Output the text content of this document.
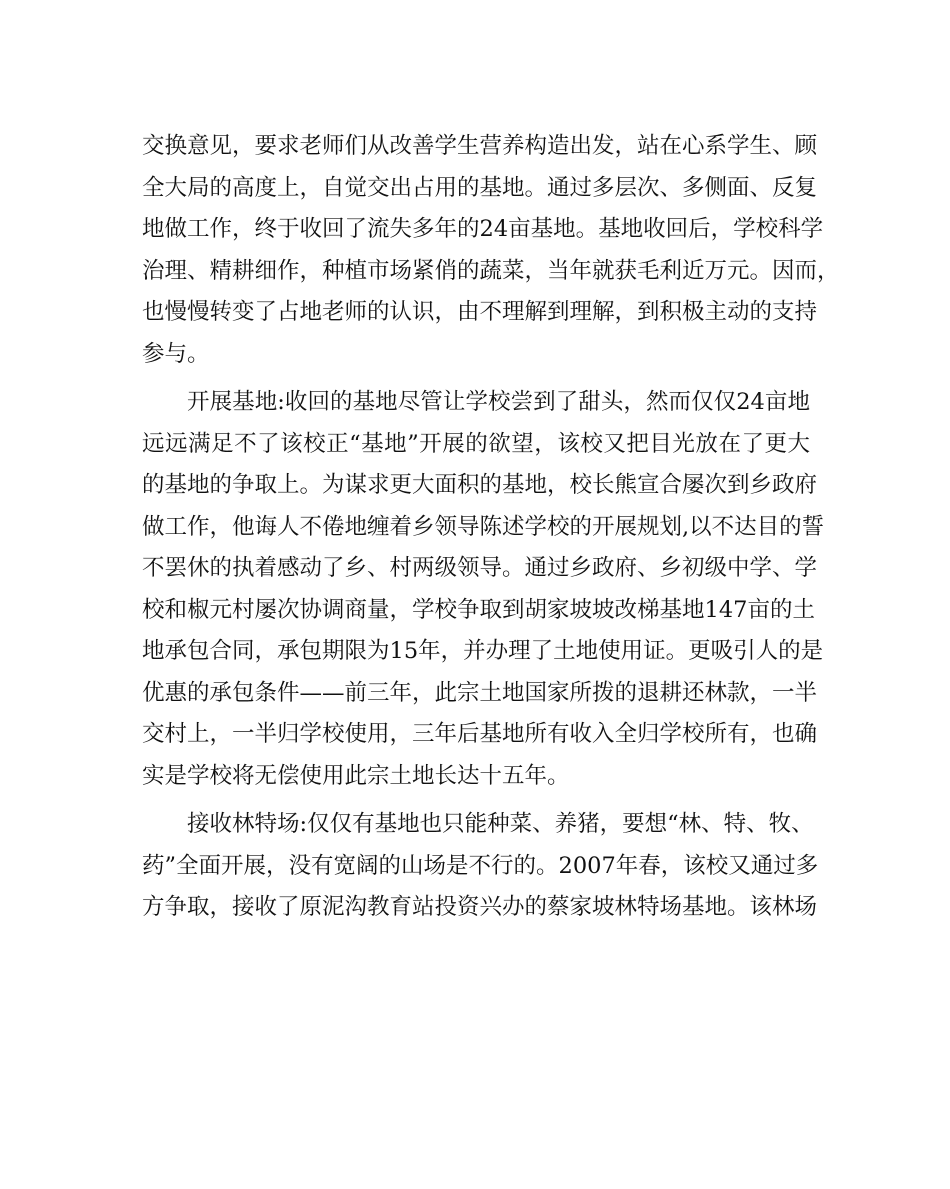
交换意见，要求老师们从改善学生营养构造出发，站在心系学生、顾
全大局的高度上，自觉交出占用的基地。通过多层次、多侧面、反复
地做工作，终于收回了流失多年的24亩基地。基地收回后，学校科学
治理、精耕细作，种植市场紧俏的蔬菜，当年就获毛利近万元。因而，
也慢慢转变了占地老师的认识，由不理解到理解，到积极主动的支持
参与。

开展基地:收回的基地尽管让学校尝到了甜头，然而仅仅24亩地
远远满足不了该校正“基地”开展的欲望，该校又把目光放在了更大
的基地的争取上。为谋求更大面积的基地，校长熊宣合屡次到乡政府
做工作，他诲人不倦地缠着乡领导陈述学校的开展规划,以不达目的誓
不罢休的执着感动了乡、村两级领导。通过乡政府、乡初级中学、学
校和椒元村屡次协调商量，学校争取到胡家坡坡改梯基地147亩的土
地承包合同，承包期限为15年，并办理了土地使用证。更吸引人的是
优惠的承包条件——前三年，此宗土地国家所拨的退耕还林款，一半
交村上，一半归学校使用，三年后基地所有收入全归学校所有，也确
实是学校将无偿使用此宗土地长达十五年。

接收林特场:仅仅有基地也只能种菜、养猪，要想“林、特、牧、
药”全面开展，没有宽阔的山场是不行的。2007年春，该校又通过多
方争取，接收了原泥沟教育站投资兴办的蔡家坡林特场基地。该林场
